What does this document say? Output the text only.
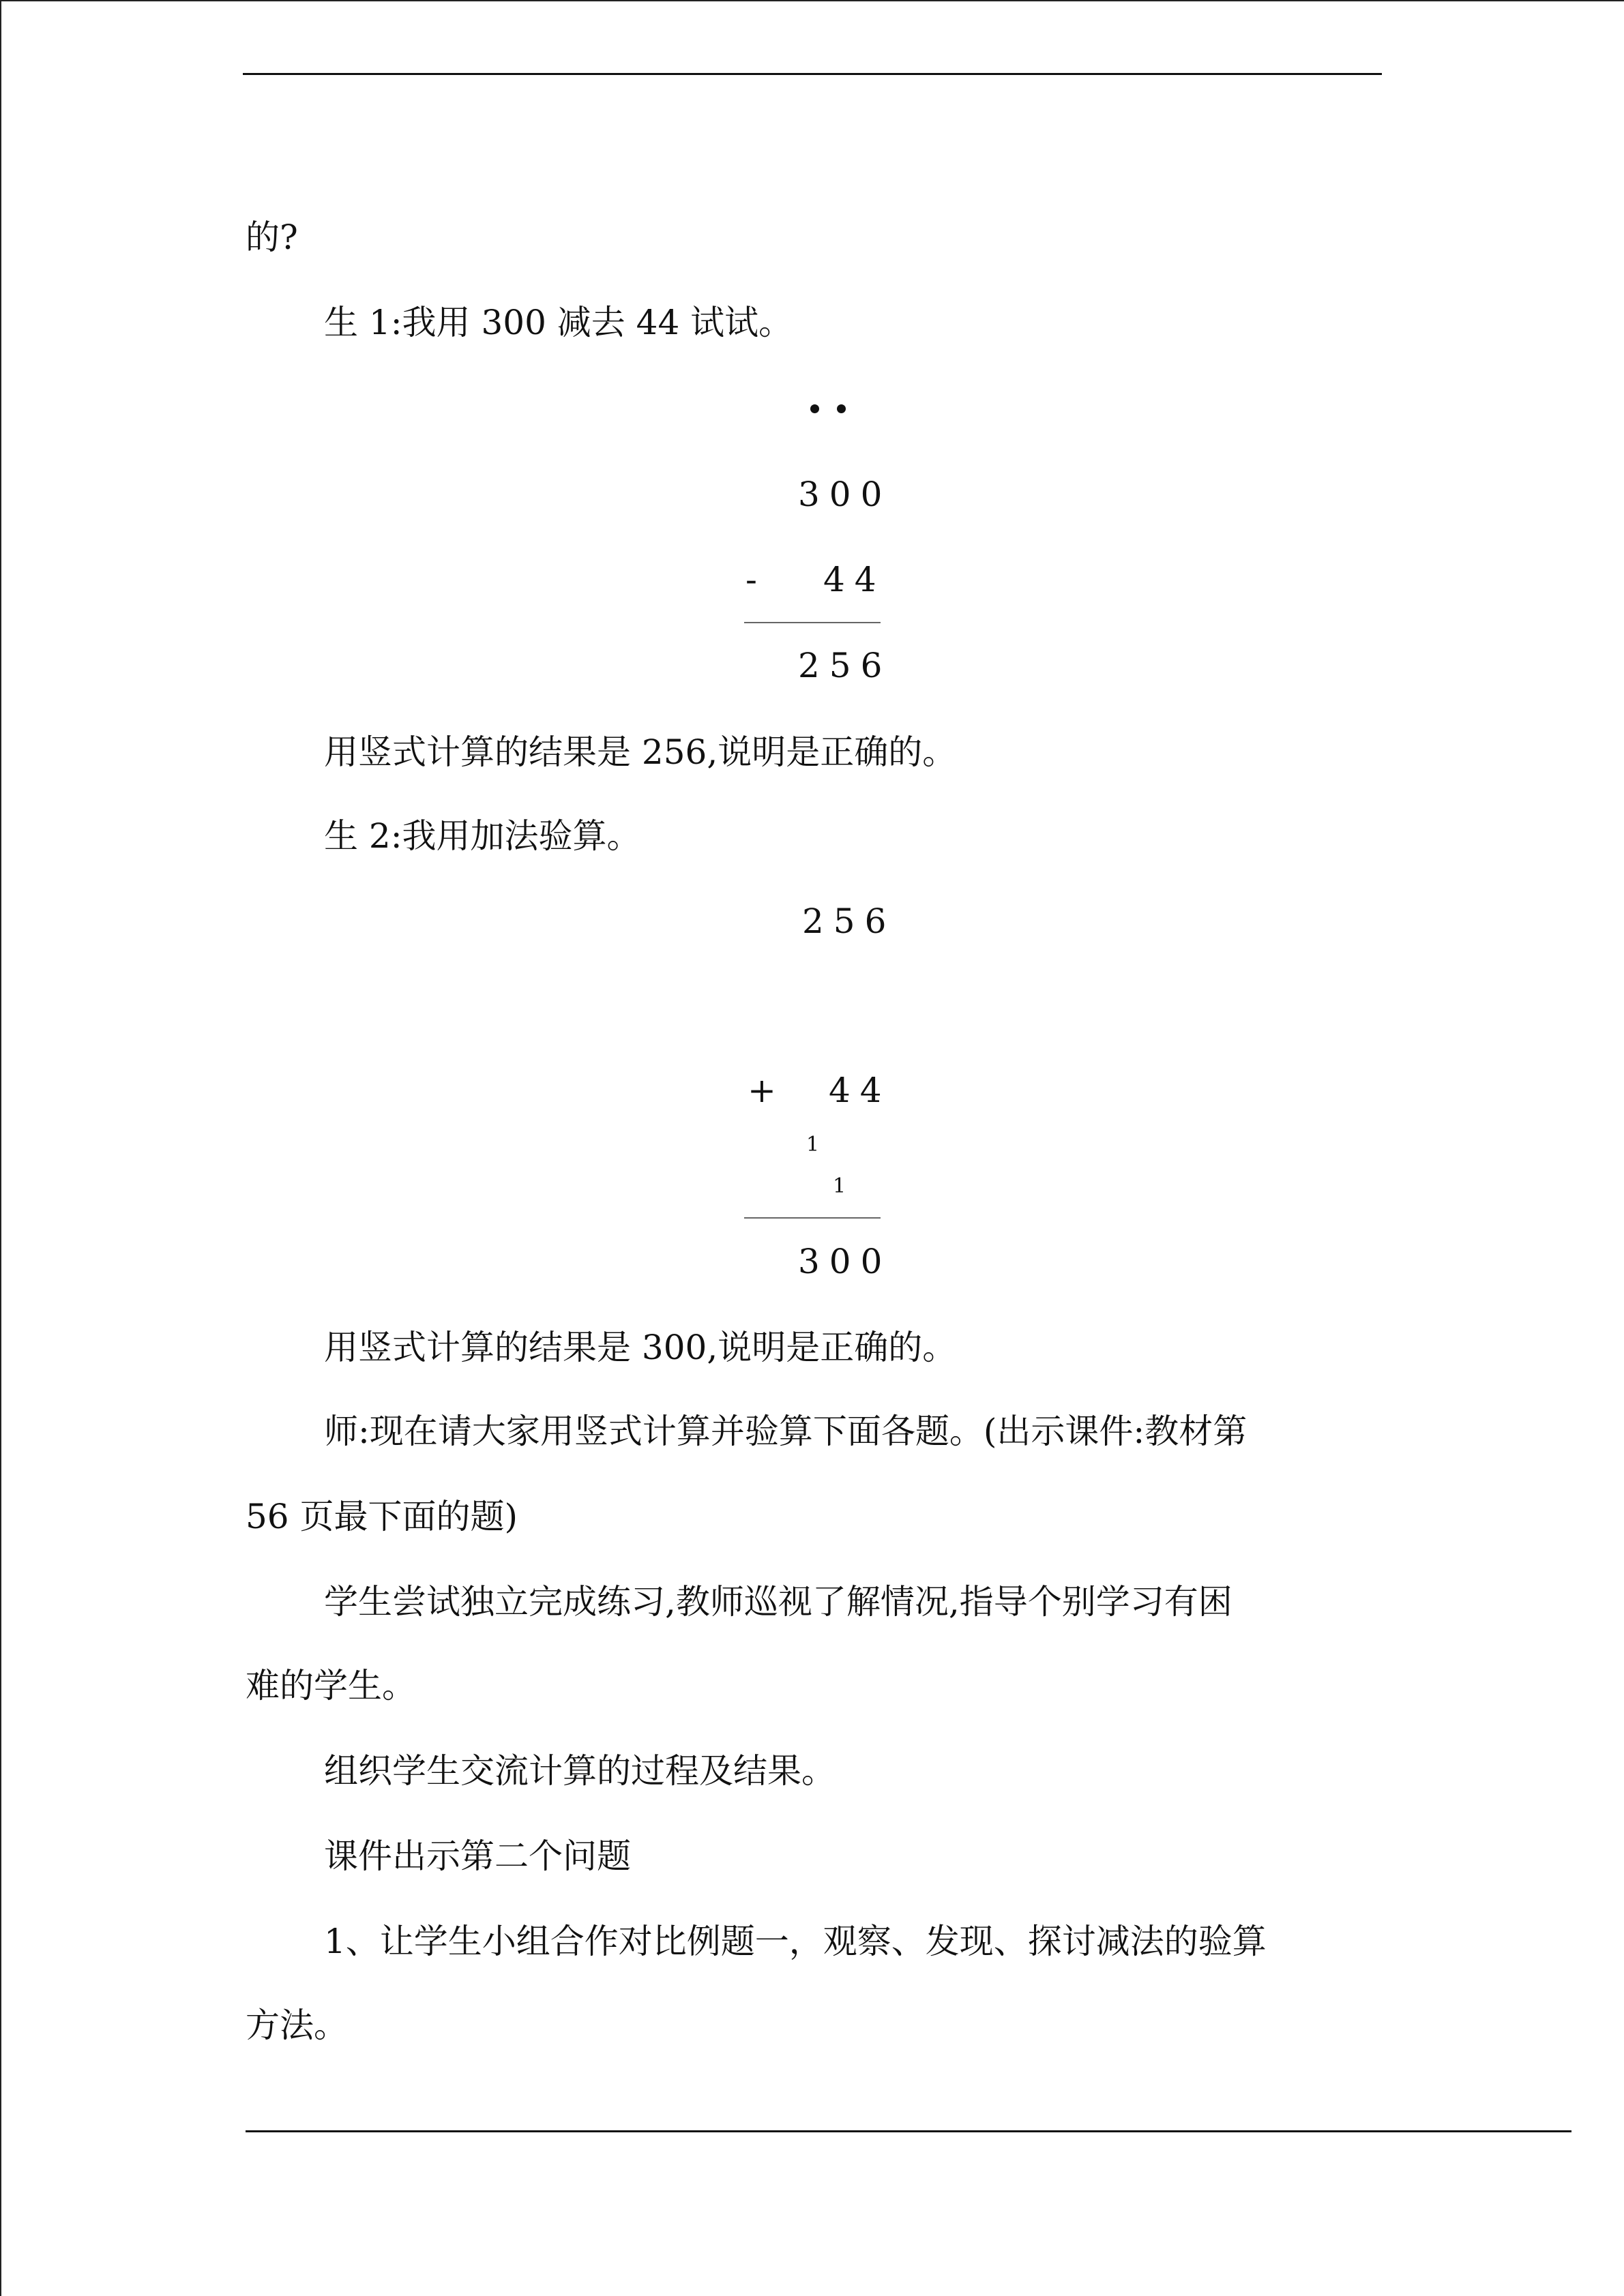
的?
生 1:我用 300 减去 44 试试。
300
- 44
256
用竖式计算的结果是 256,说明是正确的。
生 2:我用加法验算。
256
+ 44
1
1
300
用竖式计算的结果是 300,说明是正确的。
师:现在请大家用竖式计算并验算下面各题。(出示课件:教材第
56 页最下面的题)
学生尝试独立完成练习,教师巡视了解情况,指导个别学习有困
难的学生。
组织学生交流计算的过程及结果。
课件出示第二个问题
1、让学生小组合作对比例题一，观察、发现、探讨减法的验算
方法。
